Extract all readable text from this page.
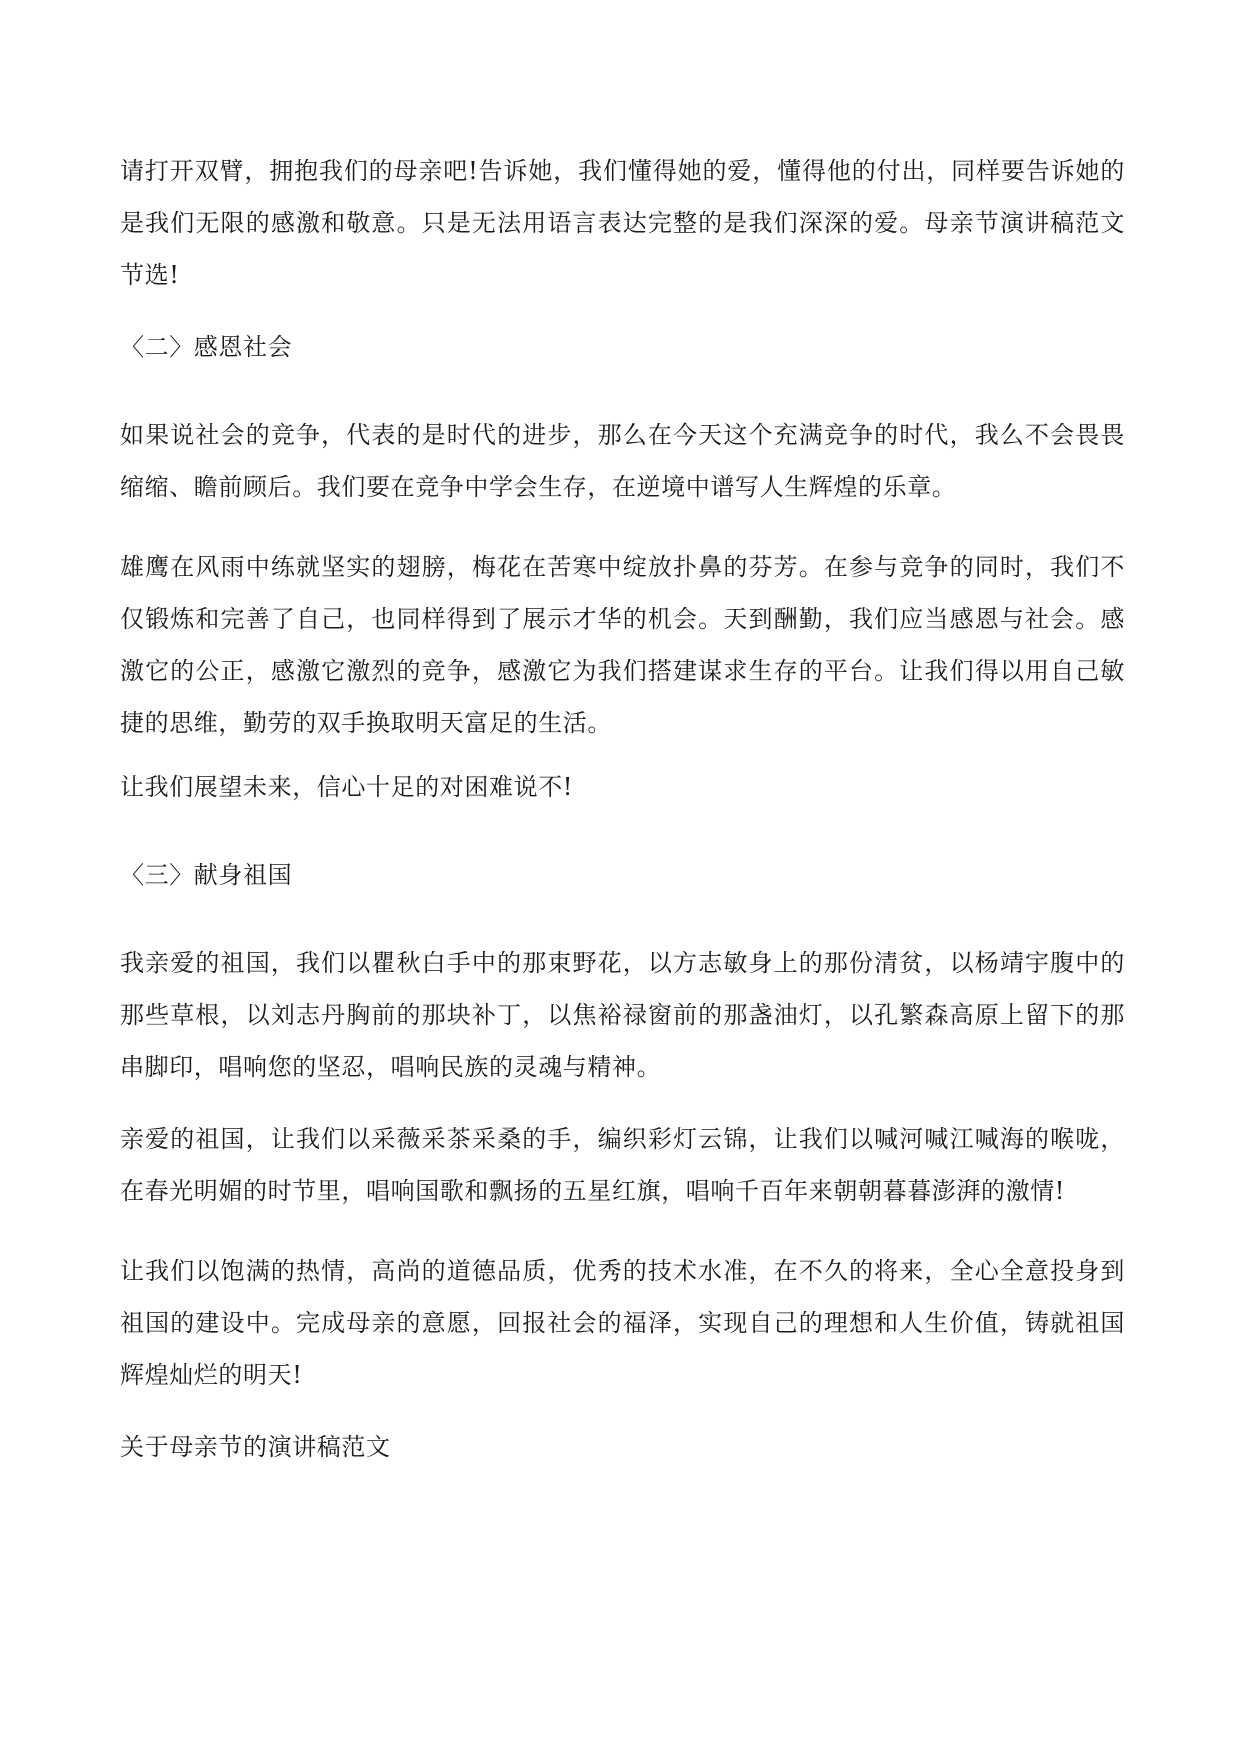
请打开双臂，拥抱我们的母亲吧!告诉她，我们懂得她的爱，懂得他的付出，同样要告诉她的
是我们无限的感激和敬意。只是无法用语言表达完整的是我们深深的爱。母亲节演讲稿范文
节选!

〈二〉感恩社会

如果说社会的竞争，代表的是时代的进步，那么在今天这个充满竞争的时代，我么不会畏畏
缩缩、瞻前顾后。我们要在竞争中学会生存，在逆境中谱写人生辉煌的乐章。

雄鹰在风雨中练就坚实的翅膀，梅花在苦寒中绽放扑鼻的芬芳。在参与竞争的同时，我们不
仅锻炼和完善了自己，也同样得到了展示才华的机会。天到酬勤，我们应当感恩与社会。感
激它的公正，感激它激烈的竞争，感激它为我们搭建谋求生存的平台。让我们得以用自己敏
捷的思维，勤劳的双手换取明天富足的生活。

让我们展望未来，信心十足的对困难说不!

〈三〉献身祖国

我亲爱的祖国，我们以瞿秋白手中的那束野花，以方志敏身上的那份清贫，以杨靖宇腹中的
那些草根，以刘志丹胸前的那块补丁，以焦裕禄窗前的那盏油灯，以孔繁森高原上留下的那
串脚印，唱响您的坚忍，唱响民族的灵魂与精神。

亲爱的祖国，让我们以采薇采茶采桑的手，编织彩灯云锦，让我们以喊河喊江喊海的喉咙，
在春光明媚的时节里，唱响国歌和飘扬的五星红旗，唱响千百年来朝朝暮暮澎湃的激情!

让我们以饱满的热情，高尚的道德品质，优秀的技术水准，在不久的将来，全心全意投身到
祖国的建设中。完成母亲的意愿，回报社会的福泽，实现自己的理想和人生价值，铸就祖国
辉煌灿烂的明天!

关于母亲节的演讲稿范文
